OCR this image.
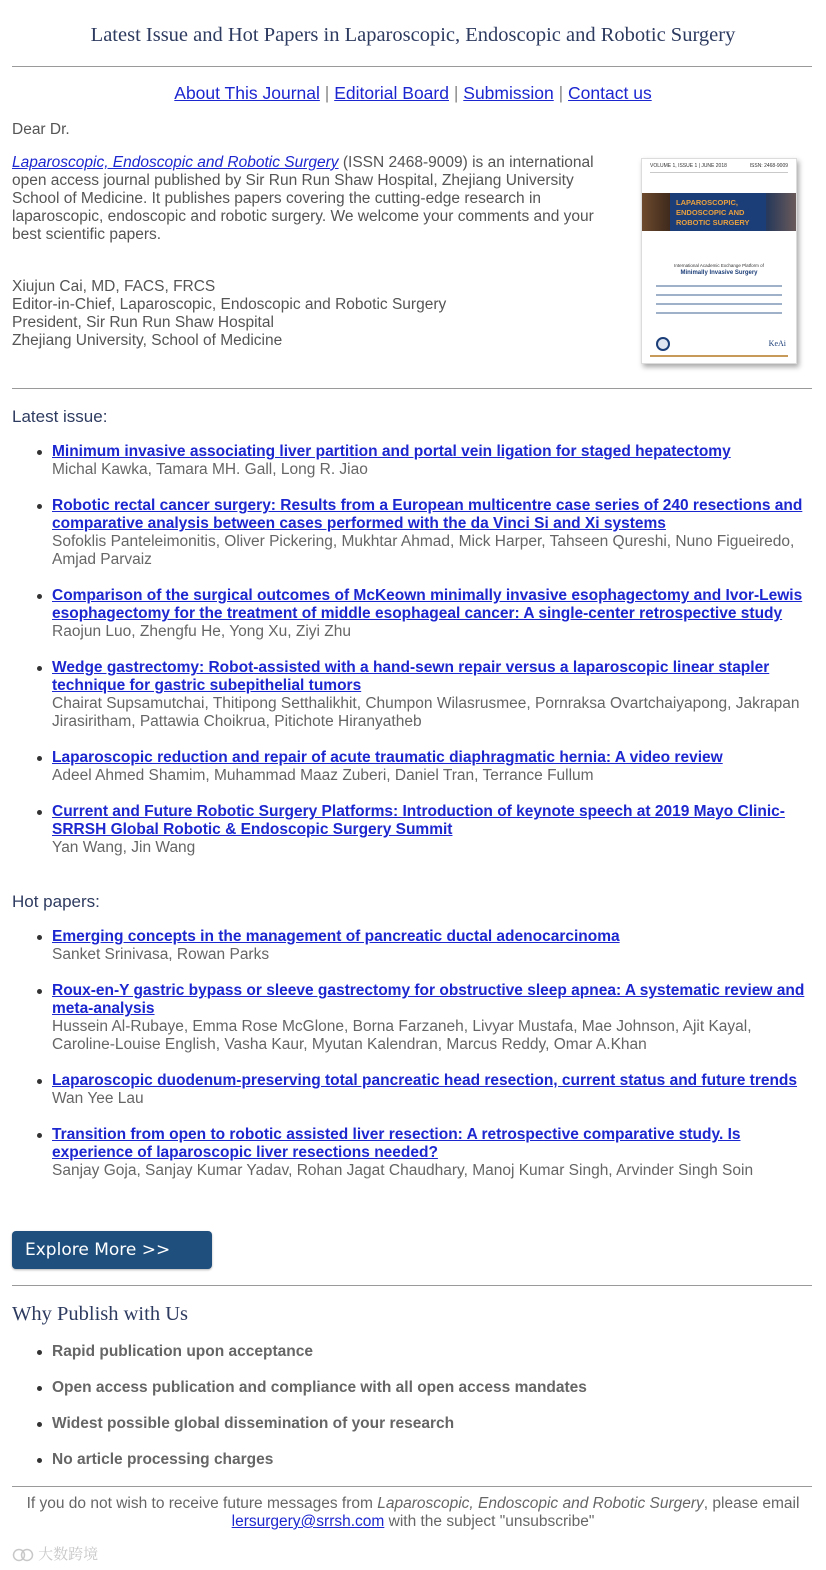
Latest Issue and Hot Papers in Laparoscopic, Endoscopic and Robotic Surgery
About This Journal | Editorial Board | Submission | Contact us
Dear Dr.
Laparoscopic, Endoscopic and Robotic Surgery (ISSN 2468-9009) is an international open access journal published by Sir Run Run Shaw Hospital, Zhejiang University School of Medicine. It publishes papers covering the cutting-edge research in laparoscopic, endoscopic and robotic surgery. We welcome your comments and your best scientific papers.
Xiujun Cai, MD, FACS, FRCS
Editor-in-Chief, Laparoscopic, Endoscopic and Robotic Surgery
President, Sir Run Run Shaw Hospital
Zhejiang University, School of Medicine
VOLUME 1, ISSUE 1 | JUNE 2018	ISSN: 2468-9009
LAPAROSCOPIC,
ENDOSCOPIC AND
ROBOTIC SURGERY
International Academic Exchange Platform of
Minimally Invasive Surgery
KeAi
Latest issue:
Minimum invasive associating liver partition and portal vein ligation for staged hepatectomy
Michal Kawka, Tamara MH. Gall, Long R. Jiao
Robotic rectal cancer surgery: Results from a European multicentre case series of 240 resections and comparative analysis between cases performed with the da Vinci Si and Xi systems
Sofoklis Panteleimonitis, Oliver Pickering, Mukhtar Ahmad, Mick Harper, Tahseen Qureshi, Nuno Figueiredo, Amjad Parvaiz
Comparison of the surgical outcomes of McKeown minimally invasive esophagectomy and Ivor-Lewis esophagectomy for the treatment of middle esophageal cancer: A single-center retrospective study
Raojun Luo, Zhengfu He, Yong Xu, Ziyi Zhu
Wedge gastrectomy: Robot-assisted with a hand-sewn repair versus a laparoscopic linear stapler technique for gastric subepithelial tumors
Chairat Supsamutchai, Thitipong Setthalikhit, Chumpon Wilasrusmee, Pornraksa Ovartchaiyapong, Jakrapan Jirasiritham, Pattawia Choikrua, Pitichote Hiranyatheb
Laparoscopic reduction and repair of acute traumatic diaphragmatic hernia: A video review
Adeel Ahmed Shamim, Muhammad Maaz Zuberi, Daniel Tran, Terrance Fullum
Current and Future Robotic Surgery Platforms: Introduction of keynote speech at 2019 Mayo Clinic-SRRSH Global Robotic & Endoscopic Surgery Summit
Yan Wang, Jin Wang
Hot papers:
Emerging concepts in the management of pancreatic ductal adenocarcinoma
Sanket Srinivasa, Rowan Parks
Roux-en-Y gastric bypass or sleeve gastrectomy for obstructive sleep apnea: A systematic review and meta-analysis
Hussein Al-Rubaye, Emma Rose McGlone, Borna Farzaneh, Livyar Mustafa, Mae Johnson, Ajit Kayal, Caroline-Louise English, Vasha Kaur, Myutan Kalendran, Marcus Reddy, Omar A.Khan
Laparoscopic duodenum-preserving total pancreatic head resection, current status and future trends
Wan Yee Lau
Transition from open to robotic assisted liver resection: A retrospective comparative study. Is experience of laparoscopic liver resections needed?
Sanjay Goja, Sanjay Kumar Yadav, Rohan Jagat Chaudhary, Manoj Kumar Singh, Arvinder Singh Soin
Explore More >>
Why Publish with Us
Rapid publication upon acceptance
Open access publication and compliance with all open access mandates
Widest possible global dissemination of your research
No article processing charges
If you do not wish to receive future messages from Laparoscopic, Endoscopic and Robotic Surgery, please email
lersurgery@srrsh.com with the subject "unsubscribe"
大数跨境
